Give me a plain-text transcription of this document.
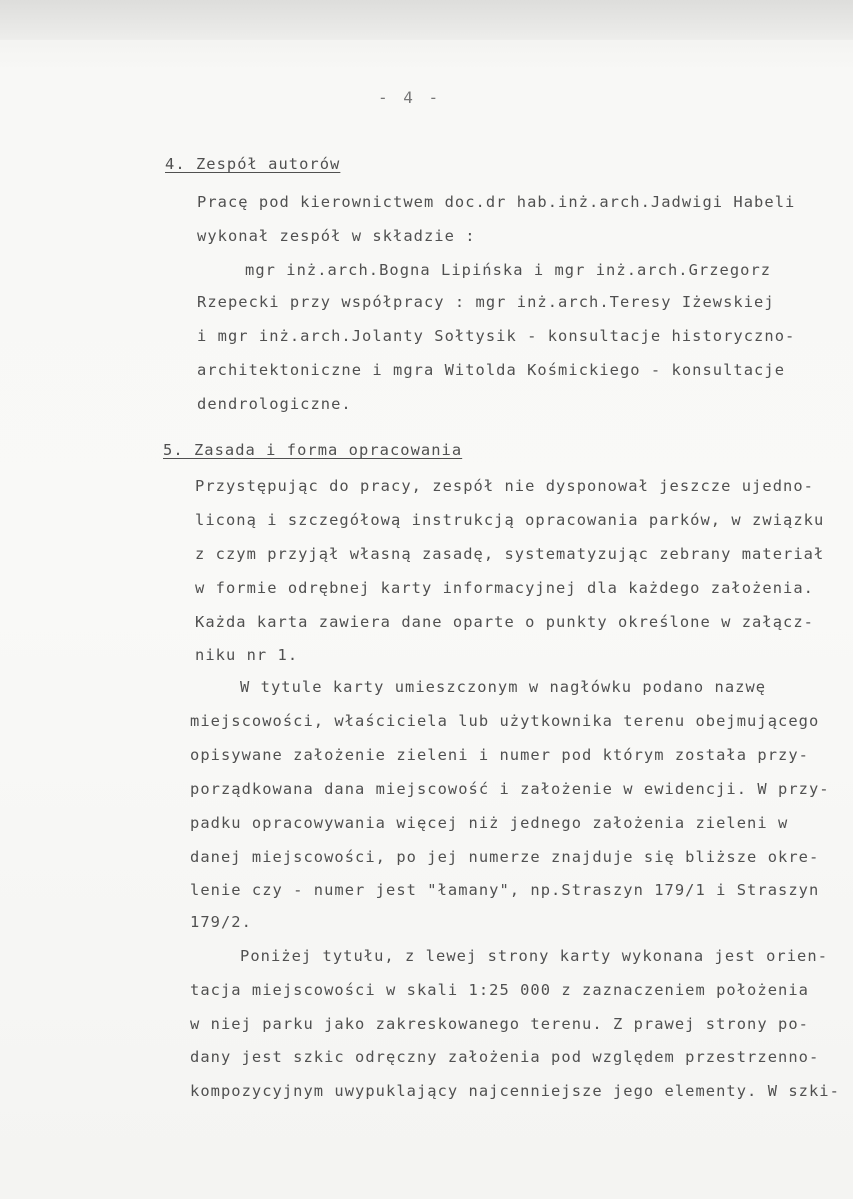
- 4 -
4. Zespół autorów
Pracę pod kierownictwem doc.dr hab.inż.arch.Jadwigi Habeli
wykonał zespół w składzie :
mgr inż.arch.Bogna Lipińska i mgr inż.arch.Grzegorz
Rzepecki przy współpracy : mgr inż.arch.Teresy Iżewskiej
i mgr inż.arch.Jolanty Sołtysik - konsultacje historyczno-
architektoniczne i mgra Witolda Kośmickiego - konsultacje
dendrologiczne.
5. Zasada i forma opracowania
Przystępując do pracy, zespół nie dysponował jeszcze ujedno-
liconą i szczegółową instrukcją opracowania parków, w związku
z czym przyjął własną zasadę, systematyzując zebrany materiał
w formie odrębnej karty informacyjnej dla każdego założenia.
Każda karta zawiera dane oparte o punkty określone w załącz-
niku nr 1.
W tytule karty umieszczonym w nagłówku podano nazwę
miejscowości, właściciela lub użytkownika terenu obejmującego
opisywane założenie zieleni i numer pod którym została przy-
porządkowana dana miejscowość i założenie w ewidencji. W przy-
padku opracowywania więcej niż jednego założenia zieleni w
danej miejscowości, po jej numerze znajduje się bliższe okre-
lenie czy - numer jest "łamany", np.Straszyn 179/1 i Straszyn
179/2.
Poniżej tytułu, z lewej strony karty wykonana jest orien-
tacja miejscowości w skali 1:25 000 z zaznaczeniem położenia
w niej parku jako zakreskowanego terenu. Z prawej strony po-
dany jest szkic odręczny założenia pod względem przestrzenno-
kompozycyjnym uwypuklający najcenniejsze jego elementy. W szki-
